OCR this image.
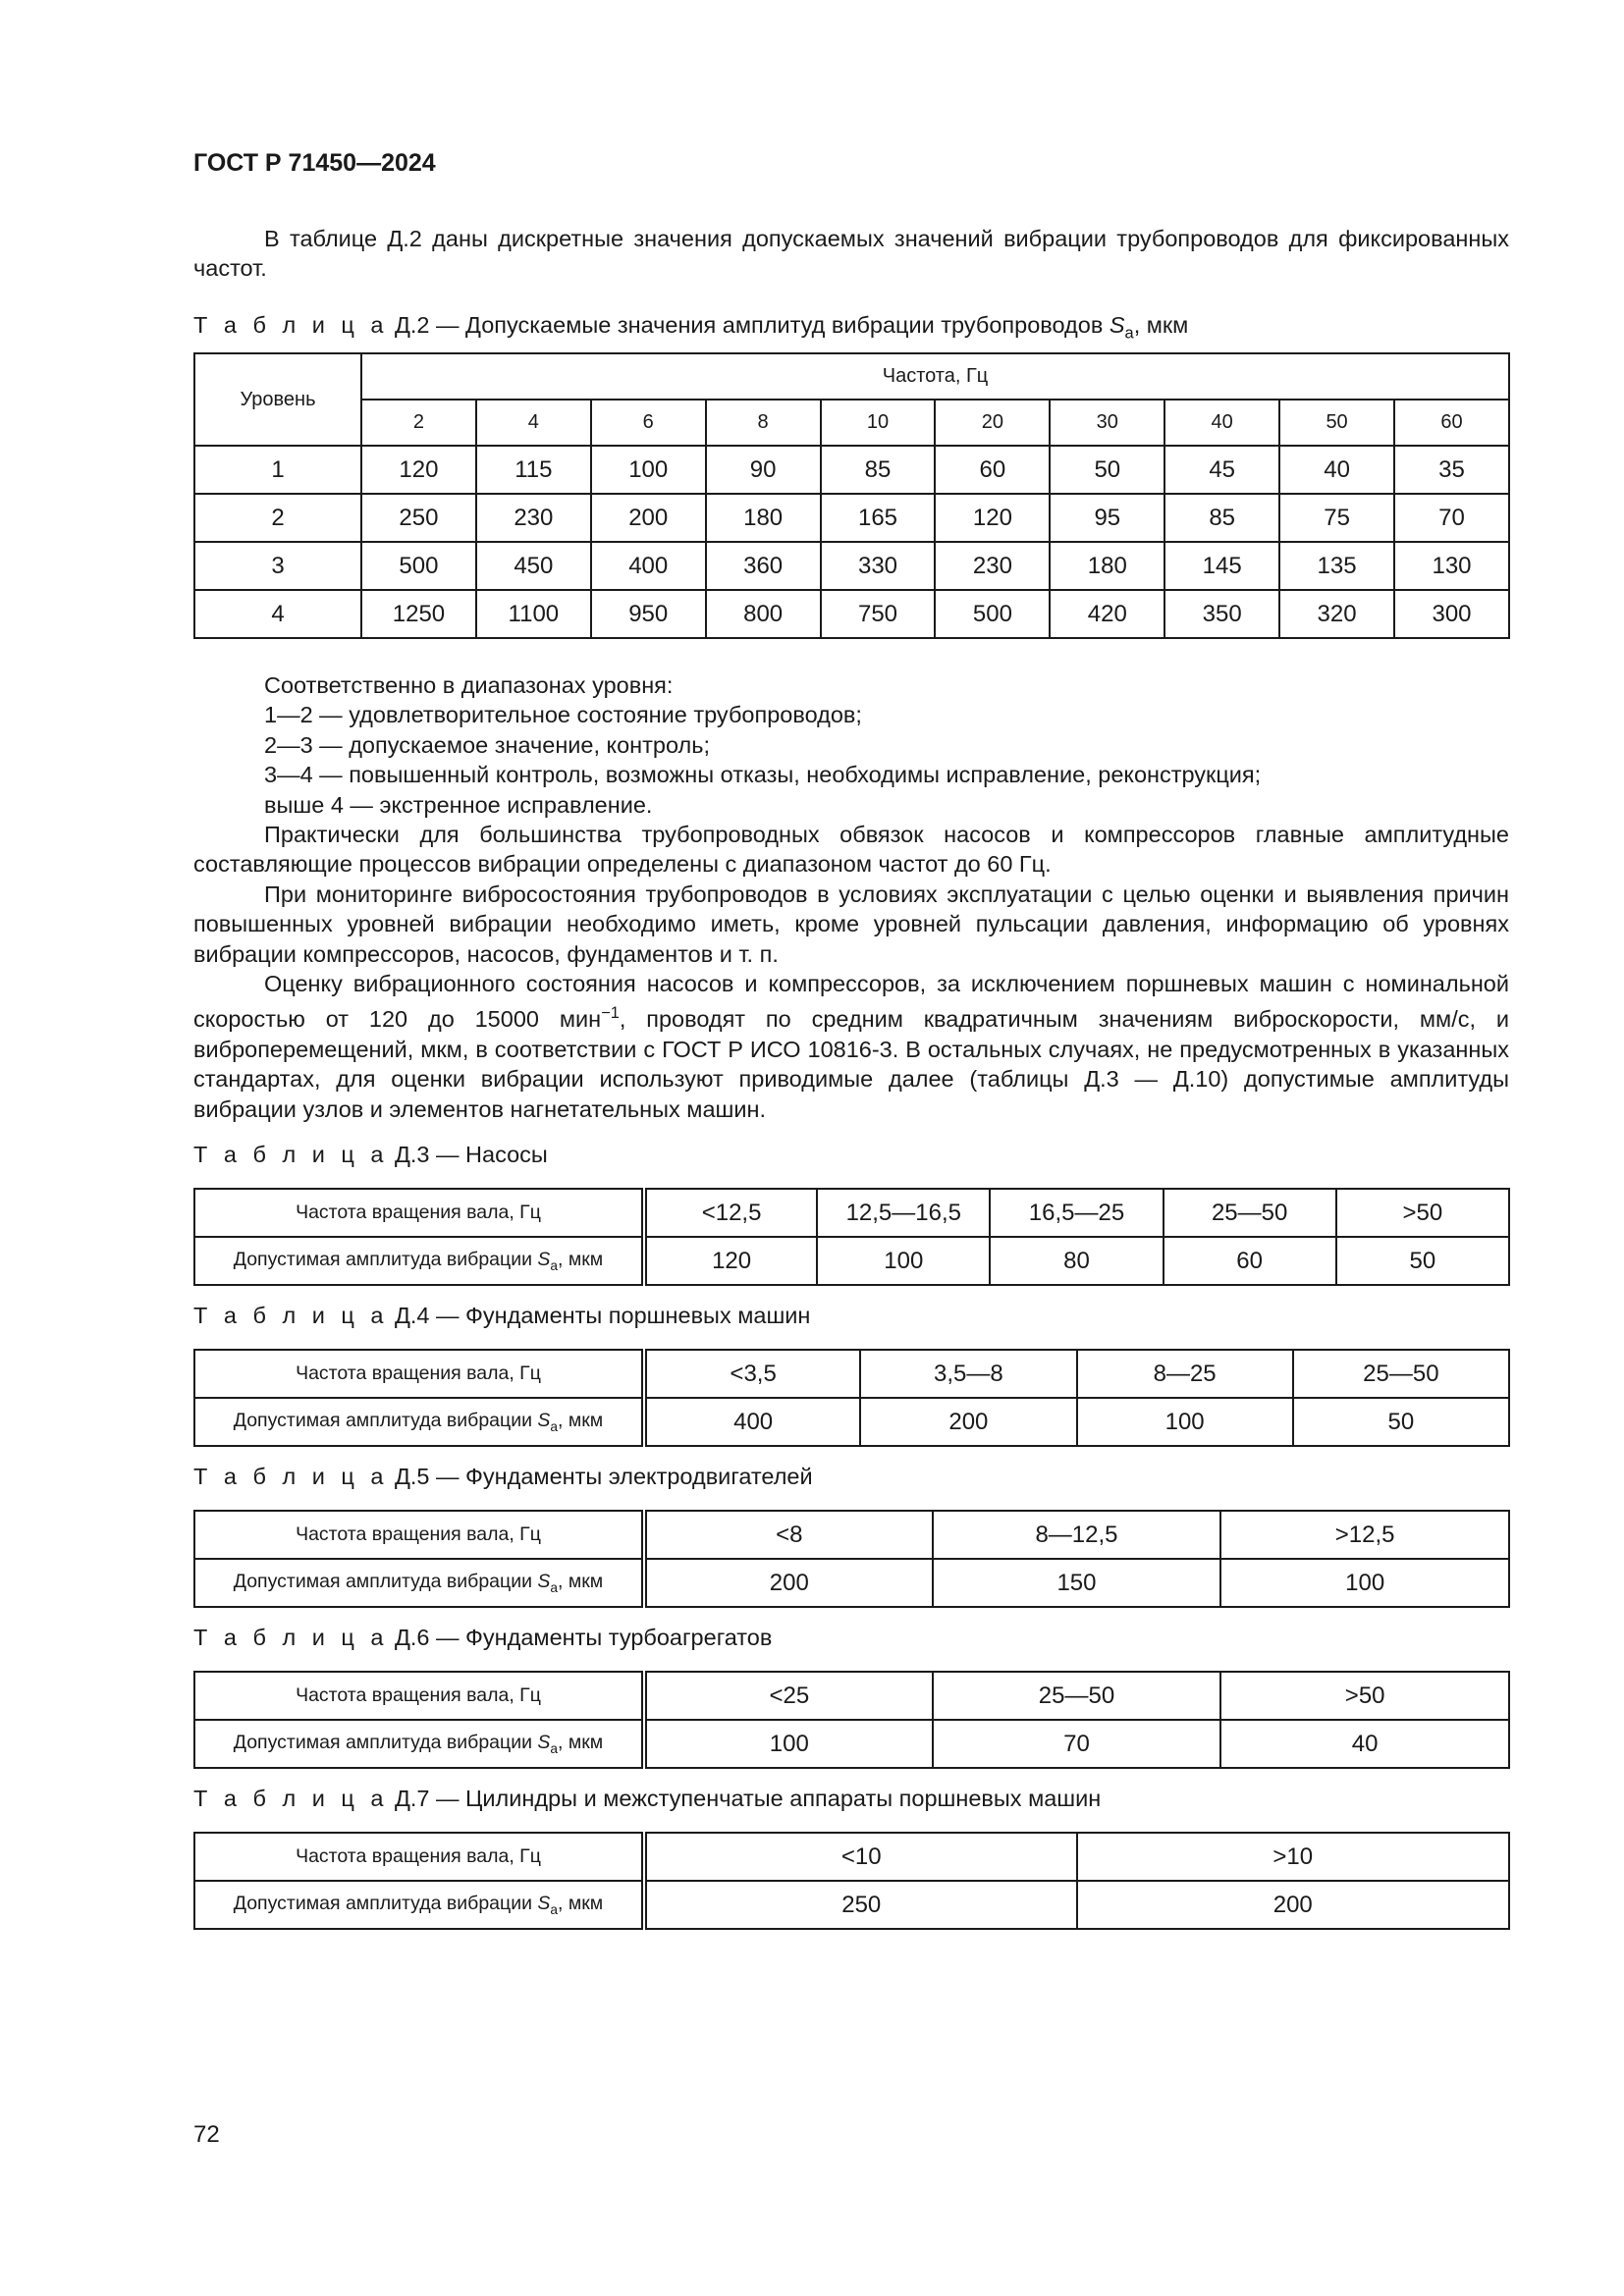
ГОСТ Р 71450—2024

В таблице Д.2 даны дискретные значения допускаемых значений вибрации трубопроводов для фиксированных частот.

Т а б л и ц а Д.2 — Допускаемые значения амплитуд вибрации трубопроводов $S_a$, мкм

Уровень	Частота, Гц									
	2	4	6	8	10	20	30	40	50	60
1	120	115	100	90	85	60	50	45	40	35
2	250	230	200	180	165	120	95	85	75	70
3	500	450	400	360	330	230	180	145	135	130
4	1250	1100	950	800	750	500	420	350	320	300

Соответственно в диапазонах уровня:

1—2 — удовлетворительное состояние трубопроводов;

2—3 — допускаемое значение, контроль;

3—4 — повышенный контроль, возможны отказы, необходимы исправление, реконструкция;

выше 4 — экстренное исправление.

Практически для большинства трубопроводных обвязок насосов и компрессоров главные амплитудные составляющие процессов вибрации определены с диапазоном частот до 60 Гц.

При мониторинге вибросостояния трубопроводов в условиях эксплуатации с целью оценки и выявления причин повышенных уровней вибрации необходимо иметь, кроме уровней пульсации давления, информацию об уровнях вибрации компрессоров, насосов, фундаментов и т. п.

Оценку вибрационного состояния насосов и компрессоров, за исключением поршневых машин с номинальной скоростью от 120 до 15000 мин$^{-1}$, проводят по средним квадратичным значениям виброскорости, мм/с, и виброперемещений, мкм, в соответствии с ГОСТ Р ИСО 10816-3. В остальных случаях, не предусмотренных в указанных стандартах, для оценки вибрации используют приводимые далее (таблицы Д.3 — Д.10) допустимые амплитуды вибрации узлов и элементов нагнетательных машин.

Т а б л и ц а Д.3 — Насосы

Частота вращения вала, Гц	<12,5	12,5—16,5	16,5—25	25—50	>50
Допустимая амплитуда вибрации $S_a$, мкм	120	100	80	60	50

Т а б л и ц а Д.4 — Фундаменты поршневых машин

Частота вращения вала, Гц	<3,5	3,5—8	8—25	25—50
Допустимая амплитуда вибрации $S_a$, мкм	400	200	100	50

Т а б л и ц а Д.5 — Фундаменты электродвигателей

Частота вращения вала, Гц	<8	8—12,5	>12,5
Допустимая амплитуда вибрации $S_a$, мкм	200	150	100

Т а б л и ц а Д.6 — Фундаменты турбоагрегатов

Частота вращения вала, Гц	<25	25—50	>50
Допустимая амплитуда вибрации $S_a$, мкм	100	70	40

Т а б л и ц а Д.7 — Цилиндры и межступенчатые аппараты поршневых машин

Частота вращения вала, Гц	<10	>10
Допустимая амплитуда вибрации $S_a$, мкм	250	200

72
